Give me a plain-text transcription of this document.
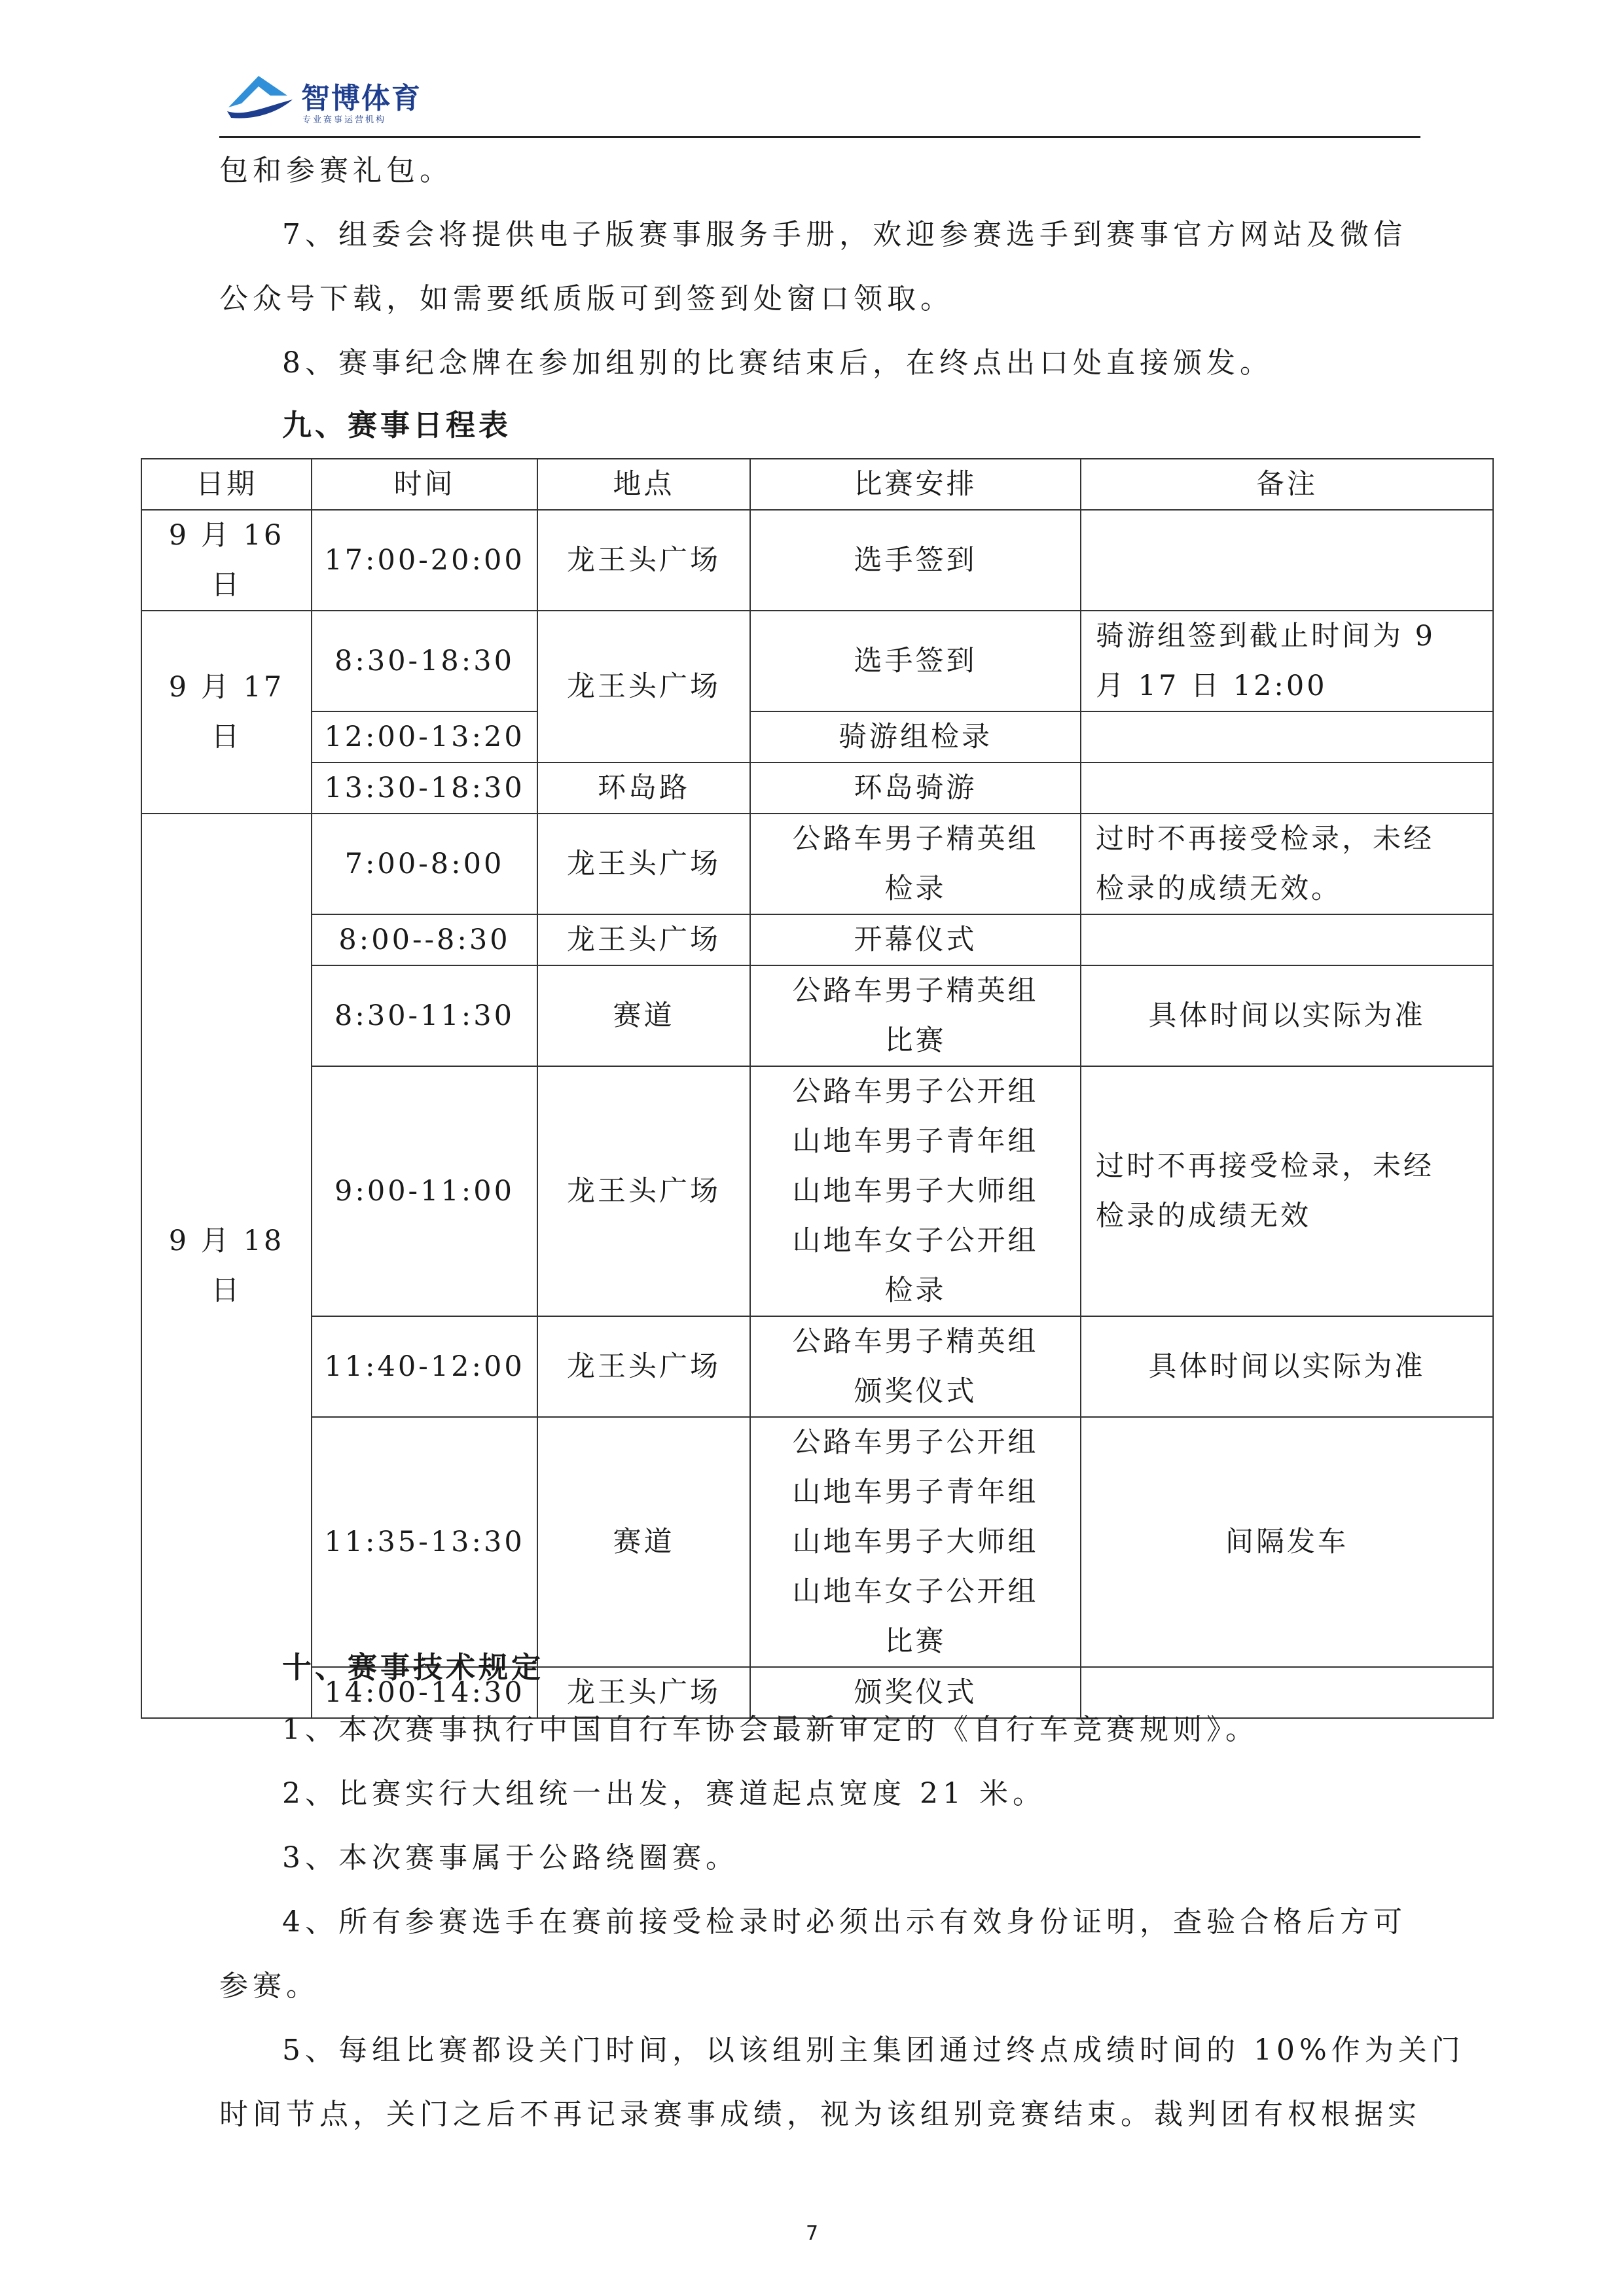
智博体育
专业赛事运营机构

包和参赛礼包。

7、组委会将提供电子版赛事服务手册，欢迎参赛选手到赛事官方网站及微信

公众号下载，如需要纸质版可到签到处窗口领取。

8、赛事纪念牌在参加组别的比赛结束后，在终点出口处直接颁发。

九、赛事日程表
日期	时间	地点	比赛安排	备注
9 月 16 日	17:00-20:00	龙王头广场	选手签到	

9 月 17 日	8:30-18:30	龙王头广场	选手签到	骑游组签到截止时间为 9
月 17 日 12:00

	12:00-13:20		骑游组检录	

	13:30-18:30	环岛路	环岛骑游	

9 月 18 日	7:00-8:00	龙王头广场	公路车男子精英组
检录	过时不再接受检录，未经
检录的成绩无效。

	8:00--8:30	龙王头广场	开幕仪式	

	8:30-11:30	赛道	公路车男子精英组
比赛	具体时间以实际为准

	9:00-11:00	龙王头广场	公路车男子公开组
山地车男子青年组
山地车男子大师组
山地车女子公开组
检录	过时不再接受检录，未经
检录的成绩无效

	11:40-12:00	龙王头广场	公路车男子精英组
颁奖仪式	具体时间以实际为准

	11:35-13:30	赛道	公路车男子公开组
山地车男子青年组
山地车男子大师组
山地车女子公开组
比赛	间隔发车

	14:00-14:30	龙王头广场	颁奖仪式	

十、赛事技术规定

1、本次赛事执行中国自行车协会最新审定的《自行车竞赛规则》。

2、比赛实行大组统一出发，赛道起点宽度 21 米。

3、本次赛事属于公路绕圈赛。

4、所有参赛选手在赛前接受检录时必须出示有效身份证明，查验合格后方可

参赛。

5、每组比赛都设关门时间，以该组别主集团通过终点成绩时间的 10%作为关门

时间节点，关门之后不再记录赛事成绩，视为该组别竞赛结束。裁判团有权根据实

7
